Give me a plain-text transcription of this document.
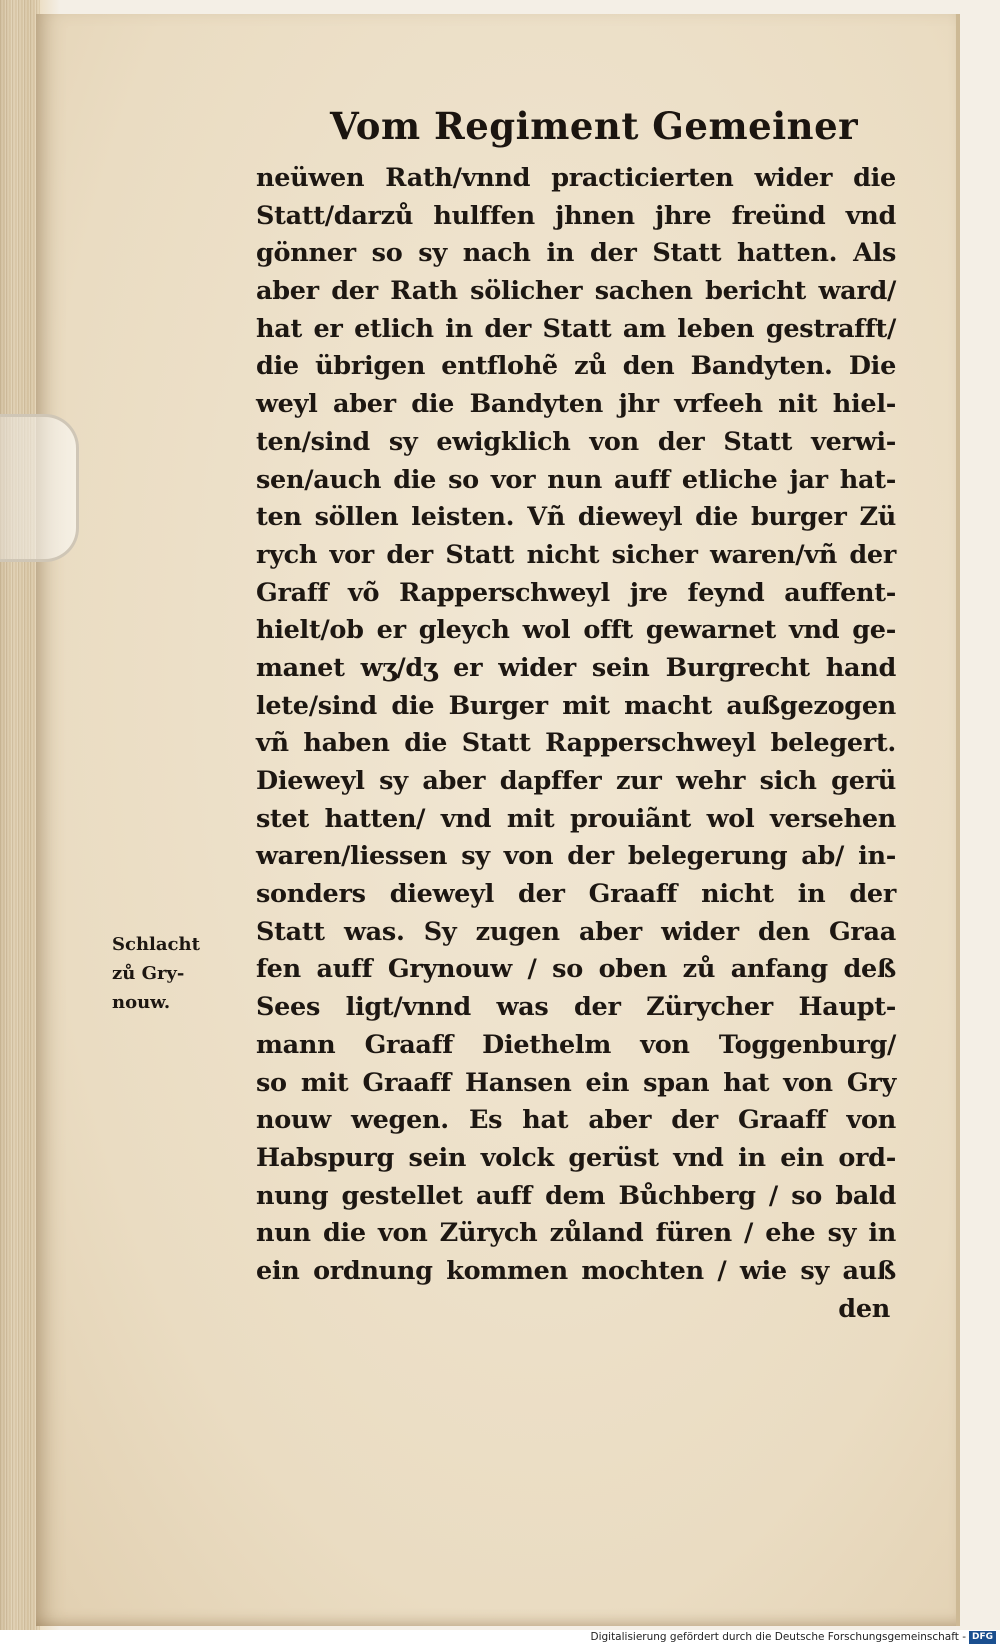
Vom Regiment Gemeiner
neüwen Rath/vnnd practicierten wider die
Statt/darzů hulffen jhnen jhre freünd vnd
gönner so sy nach in der Statt hatten. Als
aber der Rath sölicher sachen bericht ward/
hat er etlich in der Statt am leben gestrafft/
die übrigen entflohẽ zů den Bandyten. Die
weyl aber die Bandyten jhr vrfeeh nit hiel-
ten/sind sy ewigklich von der Statt verwi-
sen/auch die so vor nun auff etliche jar hat-
ten söllen leisten. Vñ dieweyl die burger Zü
rych vor der Statt nicht sicher waren/vñ der
Graff võ Rapperschweyl jre feynd auffent-
hielt/ob er gleych wol offt gewarnet vnd ge-
manet wʒ/dʒ er wider sein Burgrecht hand
lete/sind die Burger mit macht außgezogen
vñ haben die Statt Rapperschweyl belegert.
Dieweyl sy aber dapffer zur wehr sich gerü
stet hatten/ vnd mit prouiãnt wol versehen
waren/liessen sy von der belegerung ab/ in-
sonders dieweyl der Graaff nicht in der
Statt was. Sy zugen aber wider den Graa
fen auff Grynouw / so oben zů anfang deß
Sees ligt/vnnd was der Zürycher Haupt-
mann Graaff Diethelm von Toggenburg/
so mit Graaff Hansen ein span hat von Gry
nouw wegen. Es hat aber der Graaff von
Habspurg sein volck gerüst vnd in ein ord-
nung gestellet auff dem Bůchberg / so bald
nun die von Zürych zůland füren / ehe sy in
ein ordnung kommen mochten / wie sy auß
den
Schlacht
zů Gry-
nouw.
Digitalisierung gefördert durch die Deutsche Forschungsgemeinschaft - DFG
